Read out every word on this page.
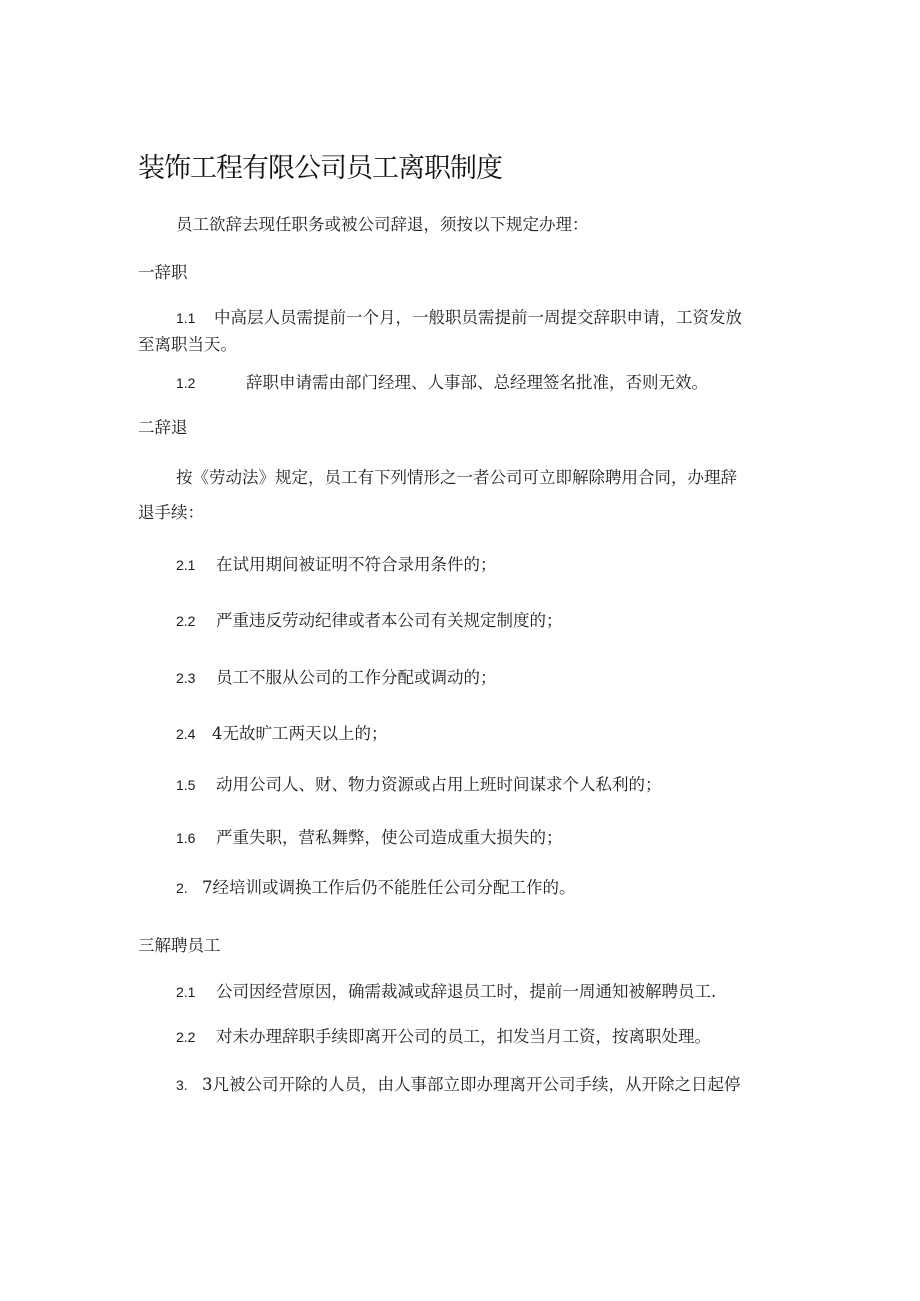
装饰工程有限公司员工离职制度

员工欲辞去现任职务或被公司辞退，须按以下规定办理：

一辞职

1.1 中高层人员需提前一个月，一般职员需提前一周提交辞职申请，工资发放

至离职当天。

1.2	辞职申请需由部门经理、人事部、总经理签名批准，否则无效。

二辞退

按《劳动法》规定，员工有下列情形之一者公司可立即解除聘用合同，办理辞

退手续：

2.1 在试用期间被证明不符合录用条件的；

2.2 严重违反劳动纪律或者本公司有关规定制度的；

2.3 员工不服从公司的工作分配或调动的；

2.4 4无故旷工两天以上的；

1.5 动用公司人、财、物力资源或占用上班时间谋求个人私利的；

1.6 严重失职，营私舞弊，使公司造成重大损失的；

2. 7经培训或调换工作后仍不能胜任公司分配工作的。

三解聘员工

2.1 公司因经营原因，确需裁减或辞退员工时，提前一周通知被解聘员工.

2.2 对未办理辞职手续即离开公司的员工，扣发当月工资，按离职处理。

3. 3凡被公司开除的人员，由人事部立即办理离开公司手续，从开除之日起停
